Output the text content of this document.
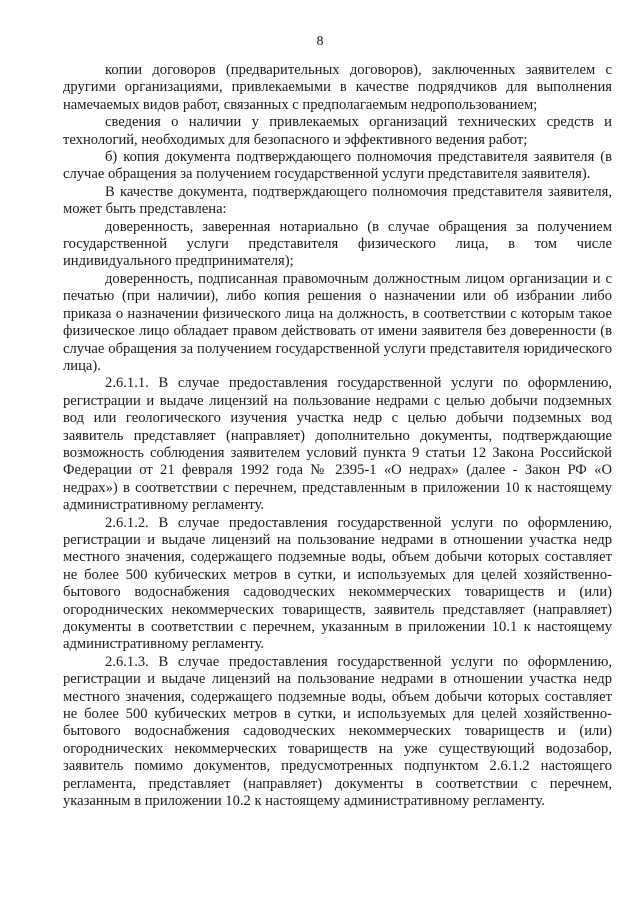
8

копии договоров (предварительных договоров), заключенных заявителем с другими организациями, привлекаемыми в качестве подрядчиков для выполнения намечаемых видов работ, связанных с предполагаемым недропользованием;

сведения о наличии у привлекаемых организаций технических средств и технологий, необходимых для безопасного и эффективного ведения работ;

б) копия документа подтверждающего полномочия представителя заявителя (в случае обращения за получением государственной услуги представителя заявителя).

В качестве документа, подтверждающего полномочия представителя заявителя, может быть представлена:

доверенность, заверенная нотариально (в случае обращения за получением государственной услуги представителя физического лица, в том числе индивидуального предпринимателя);

доверенность, подписанная правомочным должностным лицом организации и с печатью (при наличии), либо копия решения о назначении или об избрании либо приказа о назначении физического лица на должность, в соответствии с которым такое физическое лицо обладает правом действовать от имени заявителя без доверенности (в случае обращения за получением государственной услуги представителя юридического лица).

2.6.1.1. В случае предоставления государственной услуги по оформлению, регистрации и выдаче лицензий на пользование недрами с целью добычи подземных вод или геологического изучения участка недр с целью добычи подземных вод заявитель представляет (направляет) дополнительно документы, подтверждающие возможность соблюдения заявителем условий пункта 9 статьи 12 Закона Российской Федерации от 21 февраля 1992 года № 2395-1 «О недрах» (далее - Закон РФ «О недрах») в соответствии с перечнем, представленным в приложении 10 к настоящему административному регламенту.

2.6.1.2. В случае предоставления государственной услуги по оформлению, регистрации и выдаче лицензий на пользование недрами в отношении участка недр местного значения, содержащего подземные воды, объем добычи которых составляет не более 500 кубических метров в сутки, и используемых для целей хозяйственно-бытового водоснабжения садоводческих некоммерческих товариществ и (или) огороднических некоммерческих товариществ, заявитель представляет (направляет) документы в соответствии с перечнем, указанным в приложении 10.1 к настоящему административному регламенту.

2.6.1.3. В случае предоставления государственной услуги по оформлению, регистрации и выдаче лицензий на пользование недрами в отношении участка недр местного значения, содержащего подземные воды, объем добычи которых составляет не более 500 кубических метров в сутки, и используемых для целей хозяйственно-бытового водоснабжения садоводческих некоммерческих товариществ и (или) огороднических некоммерческих товариществ на уже существующий водозабор, заявитель помимо документов, предусмотренных подпунктом 2.6.1.2 настоящего регламента, представляет (направляет) документы в соответствии с перечнем, указанным в приложении 10.2 к настоящему административному регламенту.
